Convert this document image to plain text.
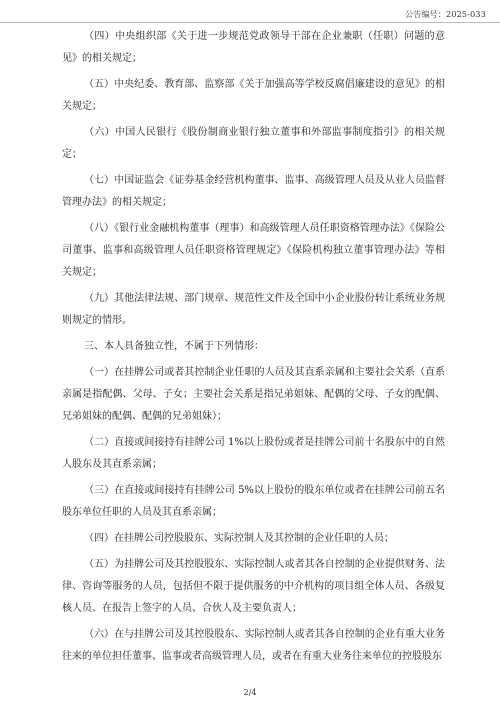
公告编号：2025-033

（四）中央组织部《关于进一步规范党政领导干部在企业兼职（任职）问题的意见》的相关规定；

（五）中央纪委、教育部、监察部《关于加强高等学校反腐倡廉建设的意见》的相关规定；

（六）中国人民银行《股份制商业银行独立董事和外部监事制度指引》的相关规定；

（七）中国证监会《证券基金经营机构董事、监事、高级管理人员及从业人员监督管理办法》的相关规定；

（八）《银行业金融机构董事（理事）和高级管理人员任职资格管理办法》《保险公司董事、监事和高级管理人员任职资格管理规定》《保险机构独立董事管理办法》等相关规定；

（九）其他法律法规、部门规章、规范性文件及全国中小企业股份转让系统业务规则规定的情形。

三、本人具备独立性，不属于下列情形：

（一）在挂牌公司或者其控制企业任职的人员及其直系亲属和主要社会关系（直系亲属是指配偶、父母、子女；主要社会关系是指兄弟姐妹、配偶的父母、子女的配偶、兄弟姐妹的配偶、配偶的兄弟姐妹）；

（二）直接或间接持有挂牌公司 1%以上股份或者是挂牌公司前十名股东中的自然人股东及其直系亲属；

（三）在直接或间接持有挂牌公司 5%以上股份的股东单位或者在挂牌公司前五名股东单位任职的人员及其直系亲属；

（四）在挂牌公司控股股东、实际控制人及其控制的企业任职的人员；

（五）为挂牌公司及其控股股东、实际控制人或者其各自控制的企业提供财务、法律、咨询等服务的人员，包括但不限于提供服务的中介机构的项目组全体人员、各级复核人员、在报告上签字的人员、合伙人及主要负责人；

（六）在与挂牌公司及其控股股东、实际控制人或者其各自控制的企业有重大业务往来的单位担任董事、监事或者高级管理人员，或者在有重大业务往来单位的控股股东

2/4
